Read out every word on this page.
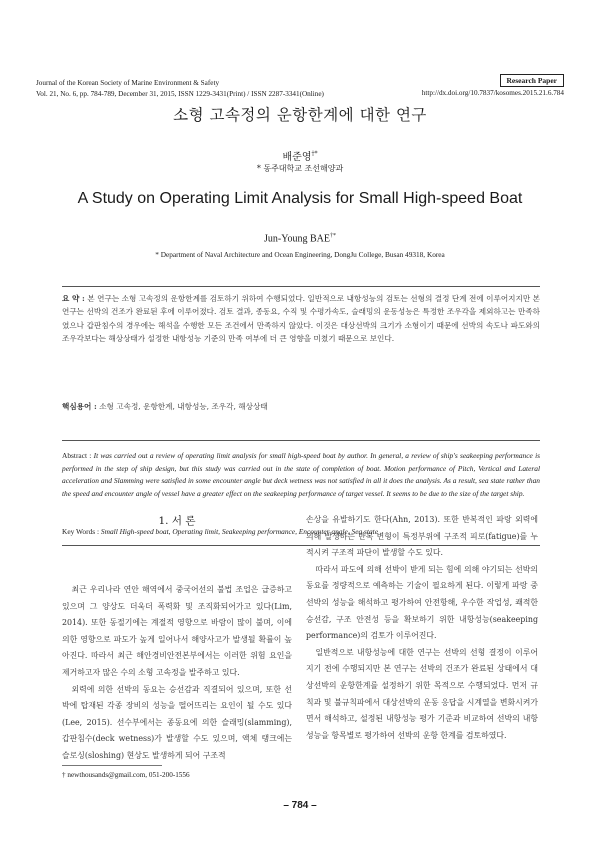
Journal of the Korean Society of Marine Environment & Safety
Vol. 21, No. 6, pp. 784-789, December 31, 2015, ISSN 1229-3431(Print) / ISSN 2287-3341(Online)
Research Paper
http://dx.doi.org/10.7837/kosomes.2015.21.6.784
소형 고속정의 운항한계에 대한 연구
배준영†*
* 동주대학교 조선해양과
A Study on Operating Limit Analysis for Small High-speed Boat
Jun-Young BAE†*
* Department of Naval Architecture and Ocean Engineering, DongJu College, Busan 49318, Korea
요 약 : 본 연구는 소형 고속정의 운항한계를 검토하기 위하여 수행되었다. 일반적으로 내항성능의 검토는 선형의 결정 단계 전에 이루어지지만 본 연구는 선박의 건조가 완료된 후에 이루어졌다. 검토 결과, 종동요, 수직 및 수평가속도, 슬래밍의 운동성능은 특정한 조우각을 제외하고는 만족하였으나 갑판침수의 경우에는 해석을 수행한 모든 조건에서 만족하지 않았다. 이것은 대상선박의 크기가 소형이기 때문에 선박의 속도나 파도와의 조우각보다는 해상상태가 설정한 내항성능 기준의 만족 여부에 더 큰 영향을 미쳤기 때문으로 보인다.
핵심용어 : 소형 고속정, 운항한계, 내항성능, 조우각, 해상상태
Abstract : It was carried out a review of operating limit analysis for small high-speed boat by author. In general, a review of ship's seakeeping performance is performed in the step of ship design, but this study was carried out in the state of completion of boat. Motion performance of Pitch, Vertical and Lateral acceleration and Slamming were satisfied in some encounter angle but deck wetness was not satisfied in all it does the analysis. As a result, sea state rather than the speed and encounter angle of vessel have a greater effect on the seakeeping performance of target vessel. It seems to be due to the size of the target ship.
Key Words : Small High-speed boat, Operating limit, Seakeeping performance, Encounter angle, Sea state
1. 서 론
최근 우리나라 연안 해역에서 중국어선의 불법 조업은 급증하고 있으며 그 양상도 더욱더 폭력화 및 조직화되어가고 있다(Lim, 2014). 또한 동절기에는 계절적 영향으로 바람이 많이 불며, 이에 의한 영향으로 파도가 높게 일어나서 해양사고가 발생될 확률이 높아진다. 따라서 최근 해안경비안전본부에서는 이러한 위험 요인을 제거하고자 많은 수의 소형 고속정을 발주하고 있다.
외력에 의한 선박의 동요는 승선감과 직결되어 있으며, 또한 선박에 탑재된 각종 장비의 성능을 떨어뜨리는 요인이 될 수도 있다(Lee, 2015). 선수부에서는 종동요에 의한 슬래밍(slamming), 갑판침수(deck wetness)가 발생할 수도 있으며, 액체 탱크에는 슬로싱(sloshing) 현상도 발생하게 되어 구조적
손상을 유발하기도 한다(Ahn, 2013). 또한 반복적인 파랑 외력에 의해 발생하는 반복 변형이 특정부위에 구조적 피로(fatigue)를 누적시켜 구조적 파단이 발생할 수도 있다.
따라서 파도에 의해 선박이 받게 되는 힘에 의해 야기되는 선박의 동요를 정량적으로 예측하는 기술이 필요하게 된다. 이렇게 파랑 중 선박의 성능을 해석하고 평가하여 안전항해, 우수한 작업성, 쾌적한 승선감, 구조 안전성 등을 확보하기 위한 내항성능(seakeeping performance)의 검토가 이루어진다.
일반적으로 내항성능에 대한 연구는 선박의 선형 결정이 이루어지기 전에 수행되지만 본 연구는 선박의 건조가 완료된 상태에서 대상선박의 운항한계를 설정하기 위한 목적으로 수행되었다. 먼저 규칙과 및 불규칙파에서 대상선박의 운동 응답을 시계열을 변화시켜가면서 해석하고, 설정된 내항성능 평가 기준과 비교하여 선박의 내항성능을 항목별로 평가하여 선박의 운항 한계를 검토하였다.
† newthousands@gmail.com, 051-200-1556
– 784 –
